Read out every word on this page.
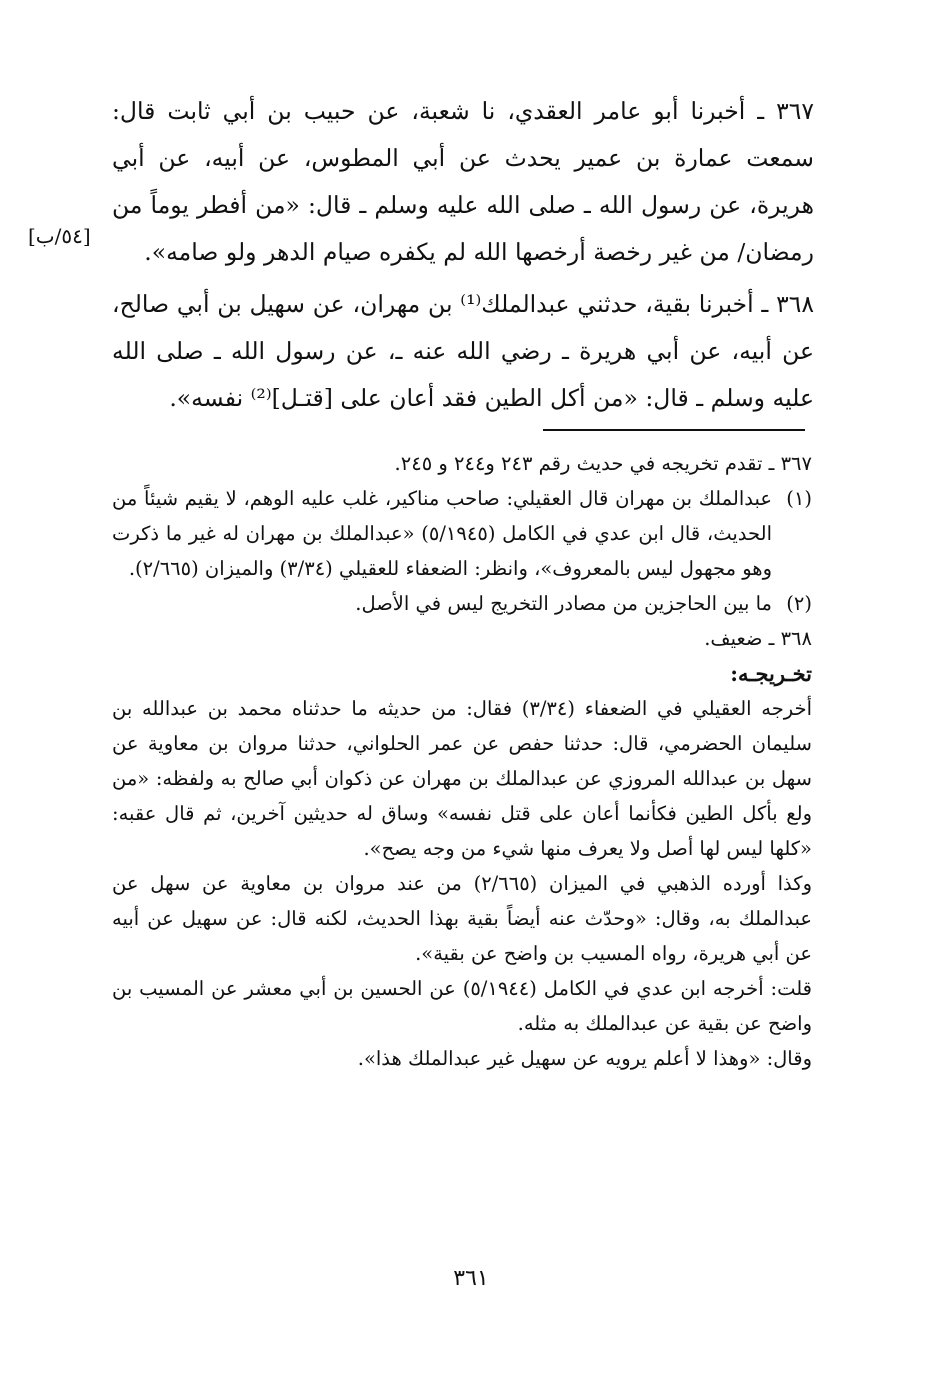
٣٦٧ ـ أخبرنا أبو عامر العقدي، نا شعبة، عن حبيب بن أبي ثابت قال: سمعت عمارة بن عمير يحدث عن أبي المطوس، عن أبيه، عن أبي هريرة، عن رسول الله ـ صلى الله عليه وسلم ـ قال: «من أفطر يوماً من رمضان/ من غير رخصة أرخصها الله لم يكفره صيام الدهر ولو صامه».

[٥٤/ب]

٣٦٨ ـ أخبرنا بقية، حدثني عبدالملك⁽¹⁾ بن مهران، عن سهيل بن أبي صالح، عن أبيه، عن أبي هريرة ـ رضي الله عنه ـ، عن رسول الله ـ صلى الله عليه وسلم ـ قال: «من أكل الطين فقد أعان على [قتـل]⁽²⁾ نفسه».

٣٦٧ ـ تقدم تخريجه في حديث رقم ٢٤٣ و٢٤٤ و ٢٤٥.

(١)
عبدالملك بن مهران قال العقيلي: صاحب مناكير، غلب عليه الوهم، لا يقيم شيئاً من الحديث، قال ابن عدي في الكامل (٥/١٩٤٥) «عبدالملك بن مهران له غير ما ذكرت وهو مجهول ليس بالمعروف»، وانظر: الضعفاء للعقيلي (٣/٣٤) والميزان (٢/٦٦٥).
(٢)
ما بين الحاجزين من مصادر التخريج ليس في الأصل.

٣٦٨ ـ ضعيف.

تخـريجـه:

أخرجه العقيلي في الضعفاء (٣/٣٤) فقال: من حديثه ما حدثناه محمد بن عبدالله بن سليمان الحضرمي، قال: حدثنا حفص عن عمر الحلواني، حدثنا مروان بن معاوية عن سهل بن عبدالله المروزي عن عبدالملك بن مهران عن ذكوان أبي صالح به ولفظه: «من ولع بأكل الطين فكأنما أعان على قتل نفسه» وساق له حديثين آخرين، ثم قال عقبه: «كلها ليس لها أصل ولا يعرف منها شيء من وجه يصح».

وكذا أورده الذهبي في الميزان (٢/٦٦٥) من عند مروان بن معاوية عن سهل عن عبدالملك به، وقال: «وحدّث عنه أيضاً بقية بهذا الحديث، لكنه قال: عن سهيل عن أبيه عن أبي هريرة، رواه المسيب بن واضح عن بقية».

قلت: أخرجه ابن عدي في الكامل (٥/١٩٤٤) عن الحسين بن أبي معشر عن المسيب بن واضح عن بقية عن عبدالملك به مثله.

وقال: «وهذا لا أعلم يرويه عن سهيل غير عبدالملك هذا».

٣٦١
